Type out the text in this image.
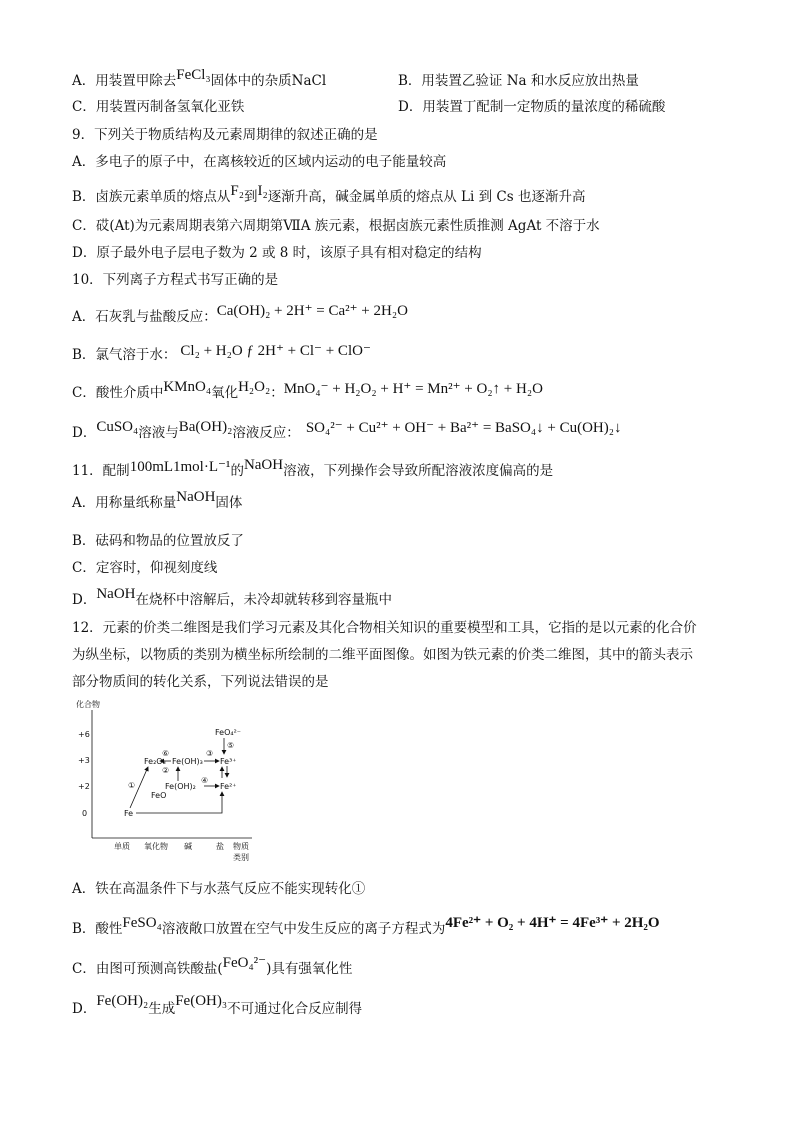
A．用装置甲除去FeCl₃固体中的杂质NaCl	B．用装置乙验证 Na 和水反应放出热量
C．用装置丙制备氢氧化亚铁	D．用装置丁配制一定物质的量浓度的稀硫酸
9．下列关于物质结构及元素周期律的叙述正确的是
A．多电子的原子中，在离核较近的区域内运动的电子能量较高
B．卤族元素单质的熔点从F₂到I₂逐渐升高，碱金属单质的熔点从 Li 到 Cs 也逐渐升高
C．砹(At)为元素周期表第六周期第ⅦA 族元素，根据卤族元素性质推测 AgAt 不溶于水
D．原子最外电子层电子数为 2 或 8 时，该原子具有相对稳定的结构
10．下列离子方程式书写正确的是
A．石灰乳与盐酸反应：Ca(OH)₂ + 2H⁺ = Ca²⁺ + 2H₂O
B．氯气溶于水： Cl₂ + H₂O ƒ 2H⁺ + Cl⁻ + ClO⁻
C．酸性介质中KMnO₄氧化H₂O₂：MnO₄⁻ + H₂O₂ + H⁺ = Mn²⁺ + O₂↑ + H₂O
D．CuSO₄溶液与Ba(OH)₂溶液反应： SO₄²⁻ + Cu²⁺ + OH⁻ + Ba²⁺ = BaSO₄↓ + Cu(OH)₂↓
11．配制100mL1mol·L⁻¹的NaOH溶液，下列操作会导致所配溶液浓度偏高的是
A．用称量纸称量NaOH固体
B．砝码和物品的位置放反了
C．定容时，仰视刻度线
D．NaOH在烧杯中溶解后，未冷却就转移到容量瓶中
12．元素的价类二维图是我们学习元素及其化合物相关知识的重要模型和工具，它指的是以元素的化合价
为纵坐标，以物质的类别为横坐标所绘制的二维平面图像。如图为铁元素的价类二维图，其中的箭头表示
部分物质间的转化关系，下列说法错误的是
化合物
+6
+3
+2
0
单质 氧化物 碱	盐 物质
类别
FeO₄²⁻
Fe₂O₃ Fe(OH)₃ Fe³⁺
FeO
Fe(OH)₂	Fe²⁺
Fe
①
②
③
④
⑤
⑥
A．铁在高温条件下与水蒸气反应不能实现转化①
B．酸性FeSO₄溶液敞口放置在空气中发生反应的离子方程式为4Fe²⁺ + O₂ + 4H⁺ = 4Fe³⁺ + 2H₂O
C．由图可预测高铁酸盐(FeO₄²⁻)具有强氧化性
D．Fe(OH)₂生成Fe(OH)₃不可通过化合反应制得
